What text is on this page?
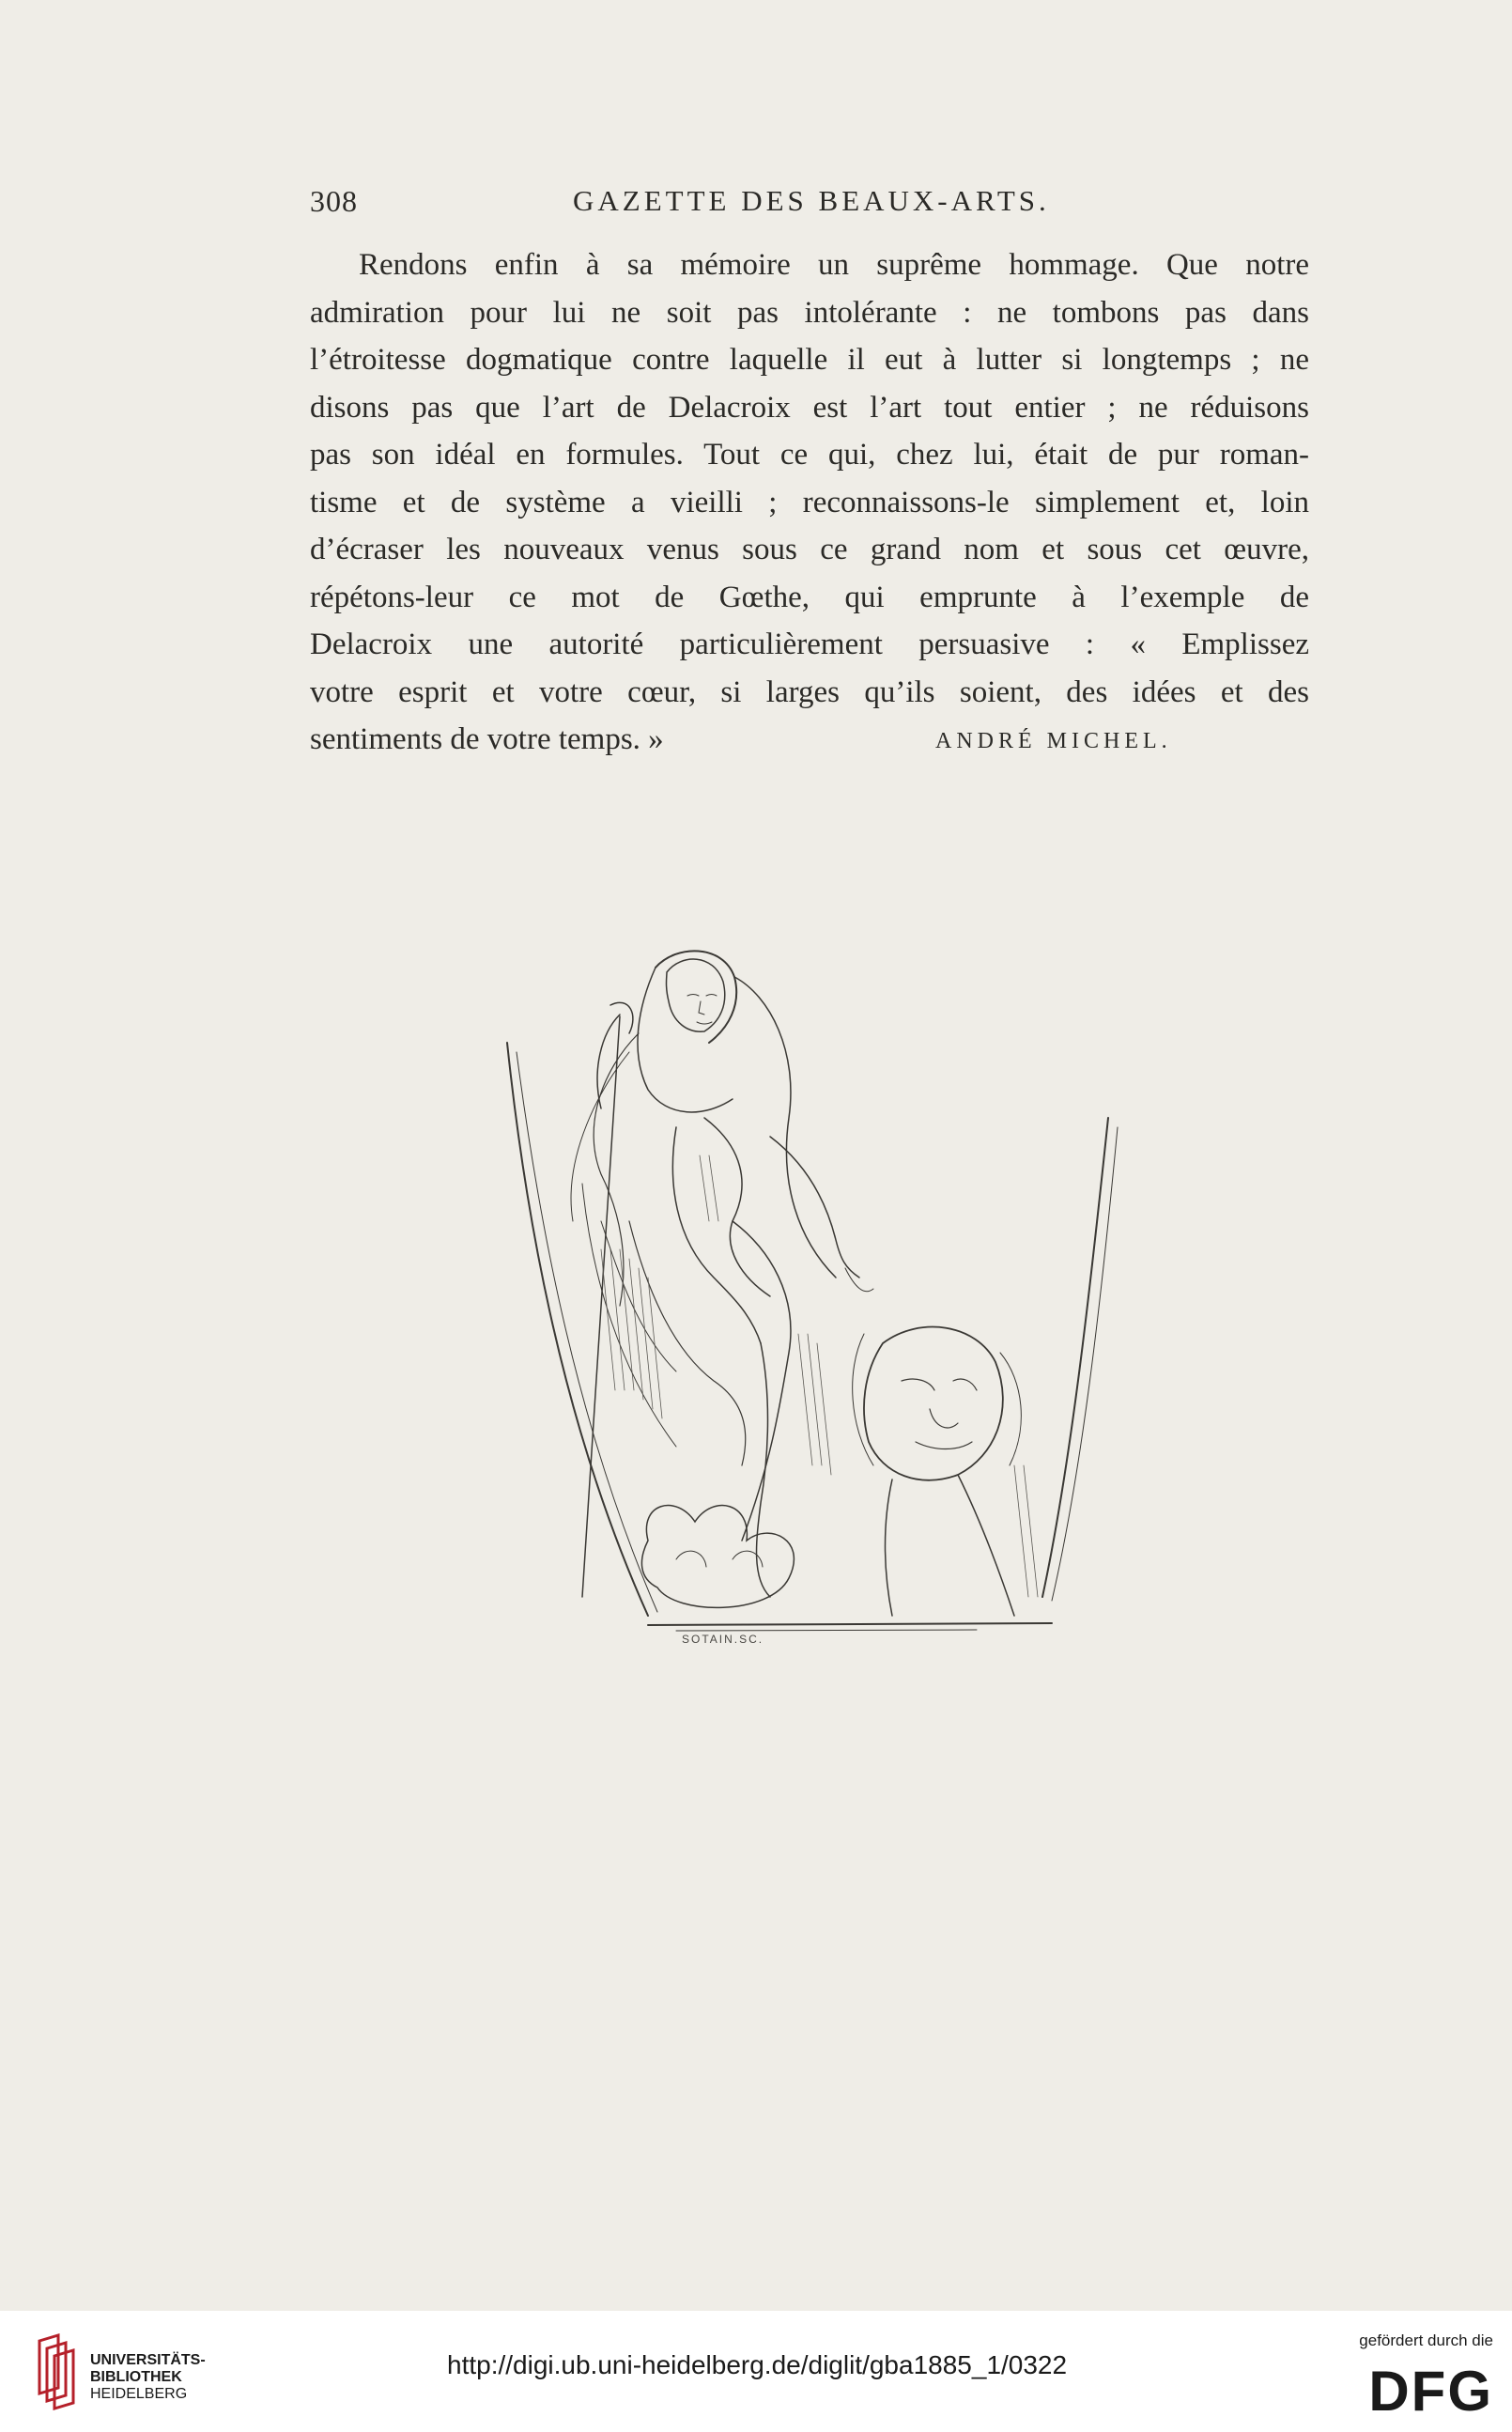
308	GAZETTE DES BEAUX-ARTS.
Rendons enfin à sa mémoire un suprême hommage. Que notre
admiration pour lui ne soit pas intolérante : ne tombons pas dans
l’étroitesse dogmatique contre laquelle il eut à lutter si longtemps ; ne
disons pas que l’art de Delacroix est l’art tout entier ; ne réduisons
pas son idéal en formules. Tout ce qui, chez lui, était de pur roman-
tisme et de système a vieilli ; reconnaissons-le simplement et, loin
d’écraser les nouveaux venus sous ce grand nom et sous cet œuvre,
répétons-leur ce mot de Gœthe, qui emprunte à l’exemple de
Delacroix une autorité particulièrement persuasive : « Emplissez
votre esprit et votre cœur, si larges qu’ils soient, des idées et des
sentiments de votre temps. »	ANDRÉ MICHEL.
SOTAIN.SC.
UNIVERSITÄTS-
BIBLIOTHEK
HEIDELBERG
http://digi.ub.uni-heidelberg.de/diglit/gba1885_1/0322
gefördert durch die
DFG
